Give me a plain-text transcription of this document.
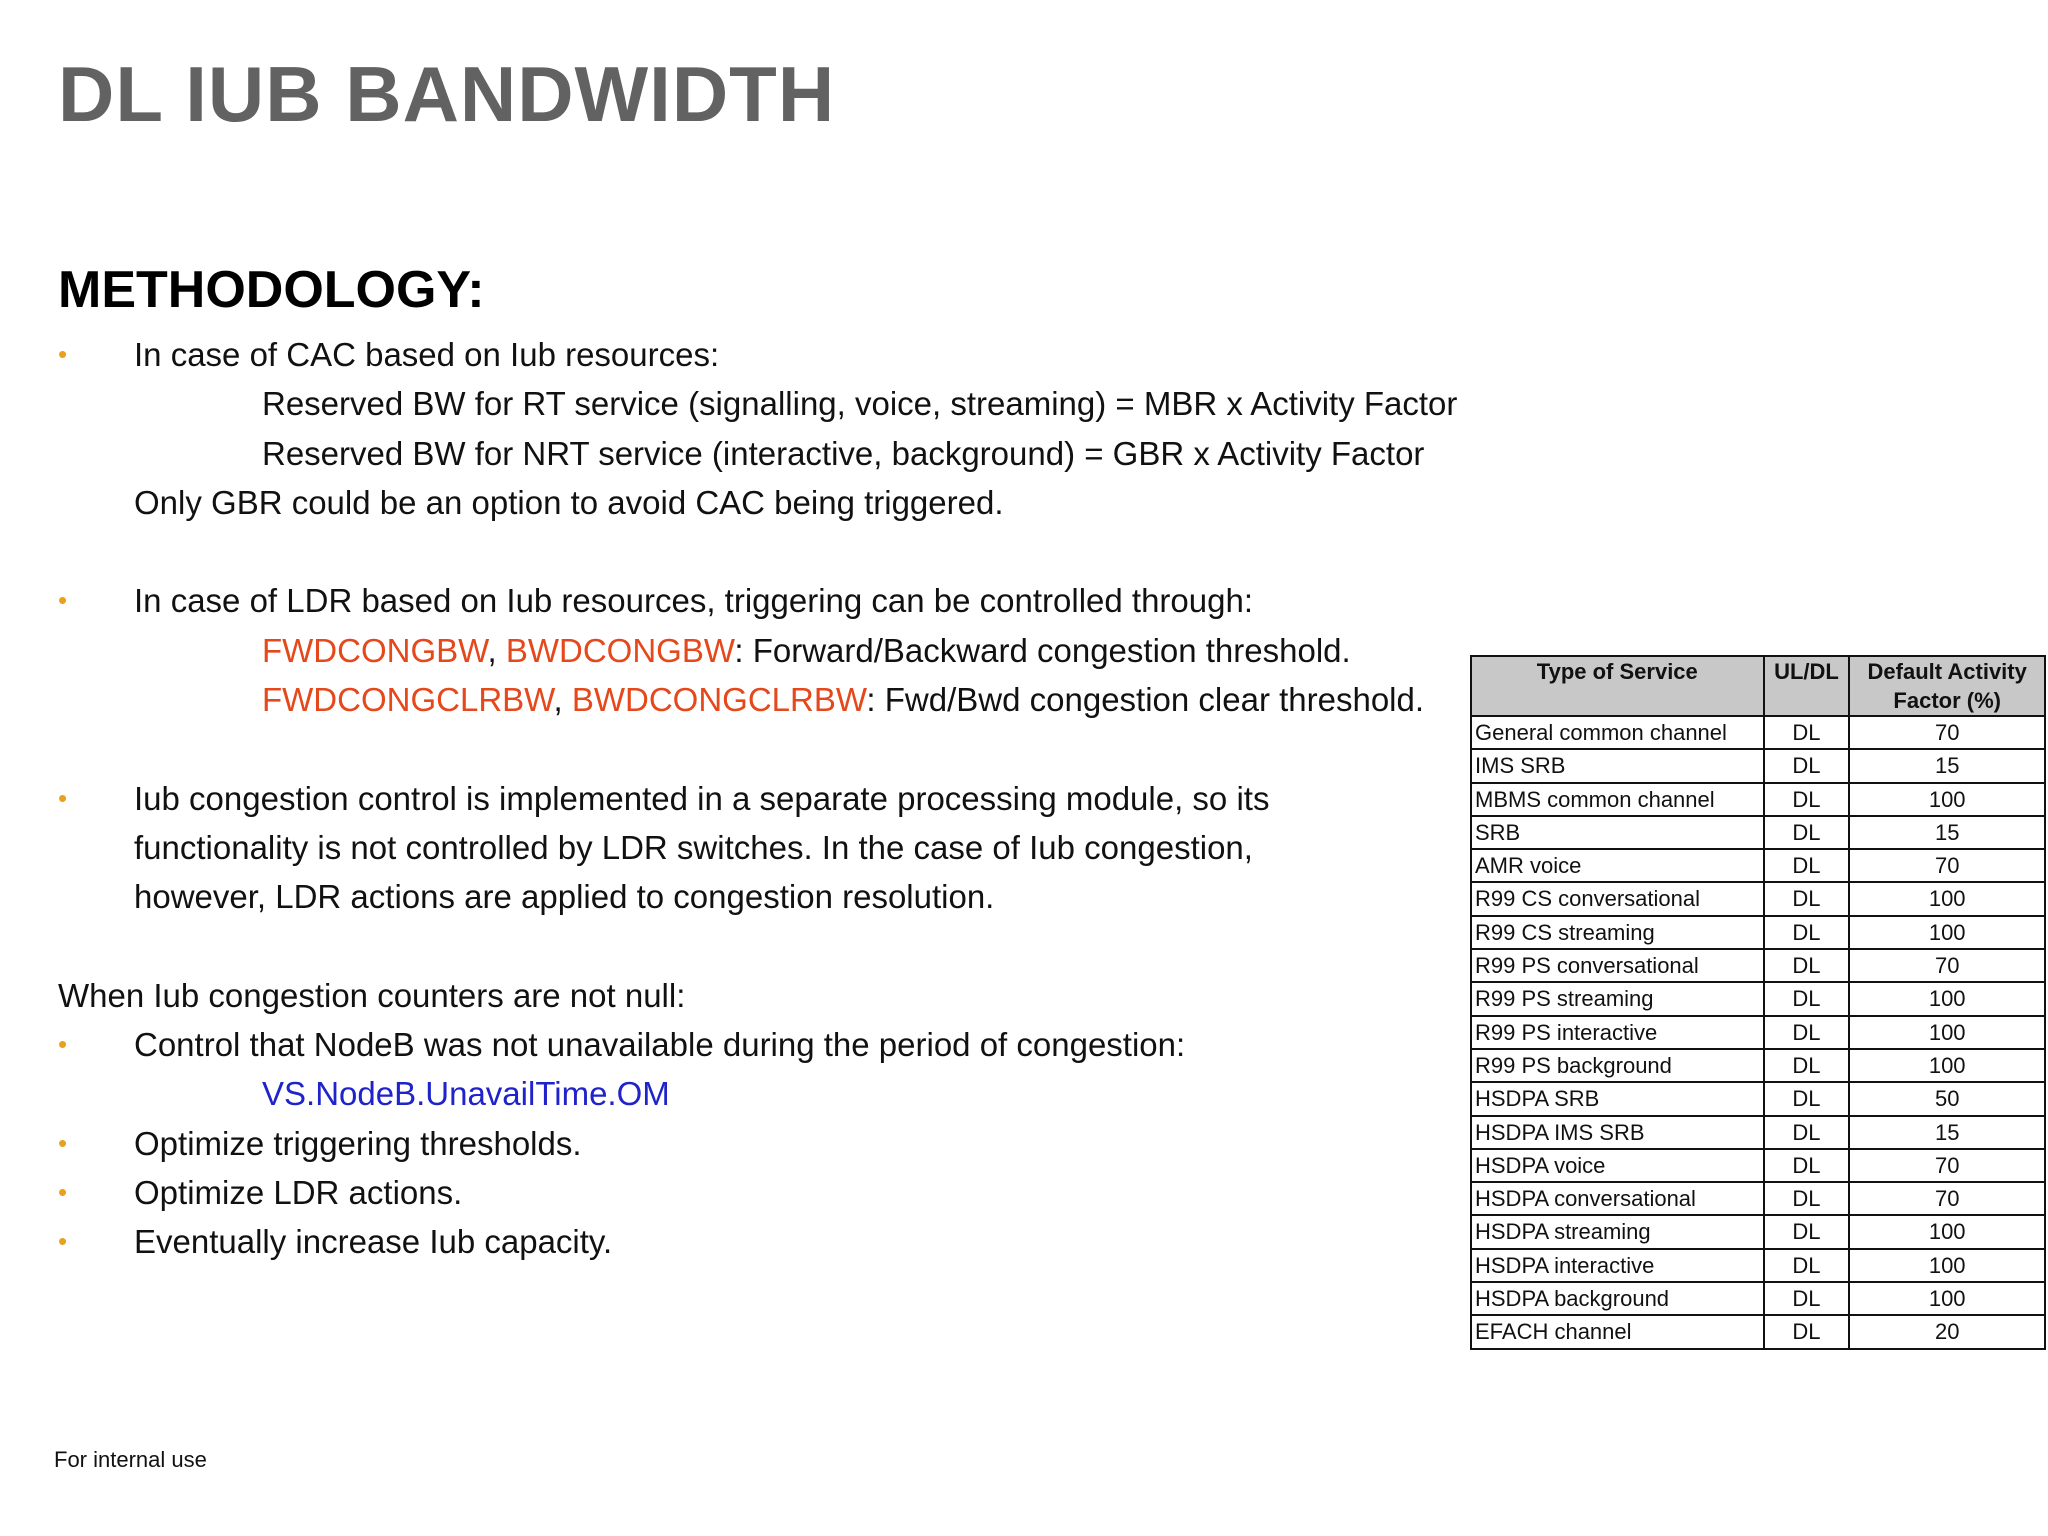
DL IUB BANDWIDTH
METHODOLOGY:
• In case of CAC based on Iub resources:
Reserved BW for RT service (signalling, voice, streaming) = MBR x Activity Factor
Reserved BW for NRT service (interactive, background) = GBR x Activity Factor
Only GBR could be an option to avoid CAC being triggered.
• In case of LDR based on Iub resources, triggering can be controlled through:
FWDCONGBW, BWDCONGBW: Forward/Backward congestion threshold.
FWDCONGCLRBW, BWDCONGCLRBW: Fwd/Bwd congestion clear threshold.
• Iub congestion control is implemented in a separate processing module, so its
functionality is not controlled by LDR switches. In the case of Iub congestion,
however, LDR actions are applied to congestion resolution.
When Iub congestion counters are not null:
• Control that NodeB was not unavailable during the period of congestion:
VS.NodeB.UnavailTime.OM
• Optimize triggering thresholds.
• Optimize LDR actions.
• Eventually increase Iub capacity.
Type of Service	UL/DL	Default Activity Factor (%)
General common channel	DL	70
IMS SRB	DL	15
MBMS common channel	DL	100
SRB	DL	15
AMR voice	DL	70
R99 CS conversational	DL	100
R99 CS streaming	DL	100
R99 PS conversational	DL	70
R99 PS streaming	DL	100
R99 PS interactive	DL	100
R99 PS background	DL	100
HSDPA SRB	DL	50
HSDPA IMS SRB	DL	15
HSDPA voice	DL	70
HSDPA conversational	DL	70
HSDPA streaming	DL	100
HSDPA interactive	DL	100
HSDPA background	DL	100
EFACH channel	DL	20
For internal use
